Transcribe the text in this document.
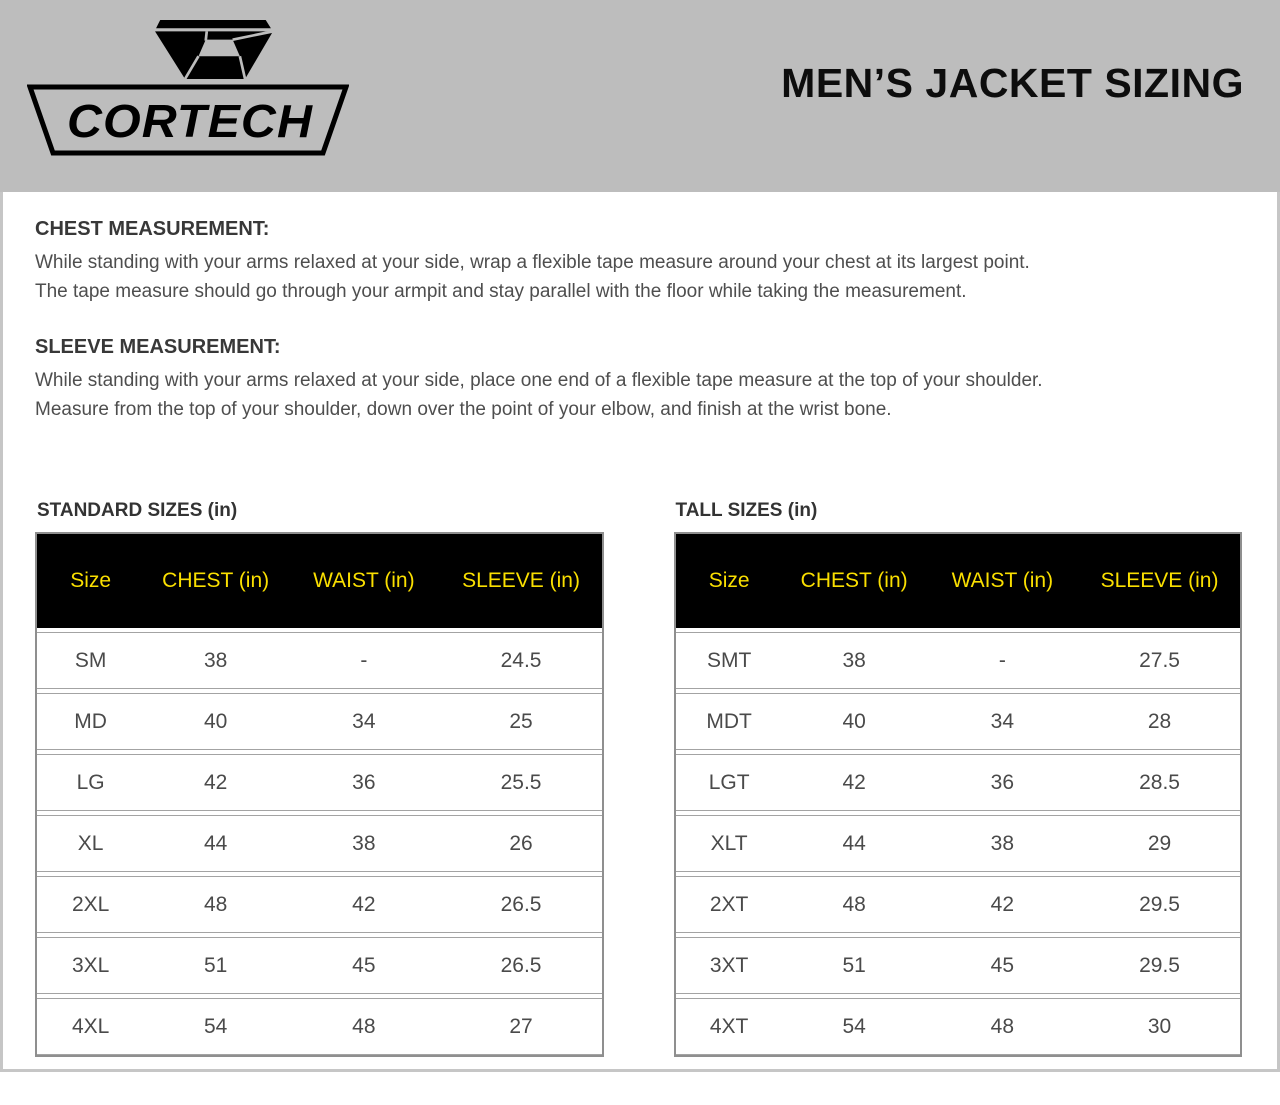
CORTECH
MEN’S JACKET SIZING
CHEST MEASUREMENT:

While standing with your arms relaxed at your side, wrap a flexible tape measure around your chest at its largest point.

The tape measure should go through your armpit and stay parallel with the floor while taking the measurement.

SLEEVE MEASUREMENT:

While standing with your arms relaxed at your side, place one end of a flexible tape measure at the top of your shoulder.

Measure from the top of your shoulder, down over the point of your elbow, and finish at the wrist bone.

STANDARD SIZES (in)
Size	CHEST (in)	WAIST (in)	SLEEVE (in)
SM	38	-	24.5
MD	40	34	25
LG	42	36	25.5
XL	44	38	26
2XL	48	42	26.5
3XL	51	45	26.5
4XL	54	48	27
TALL SIZES (in)
Size	CHEST (in)	WAIST (in)	SLEEVE (in)
SMT	38	-	27.5
MDT	40	34	28
LGT	42	36	28.5
XLT	44	38	29
2XT	48	42	29.5
3XT	51	45	29.5
4XT	54	48	30
